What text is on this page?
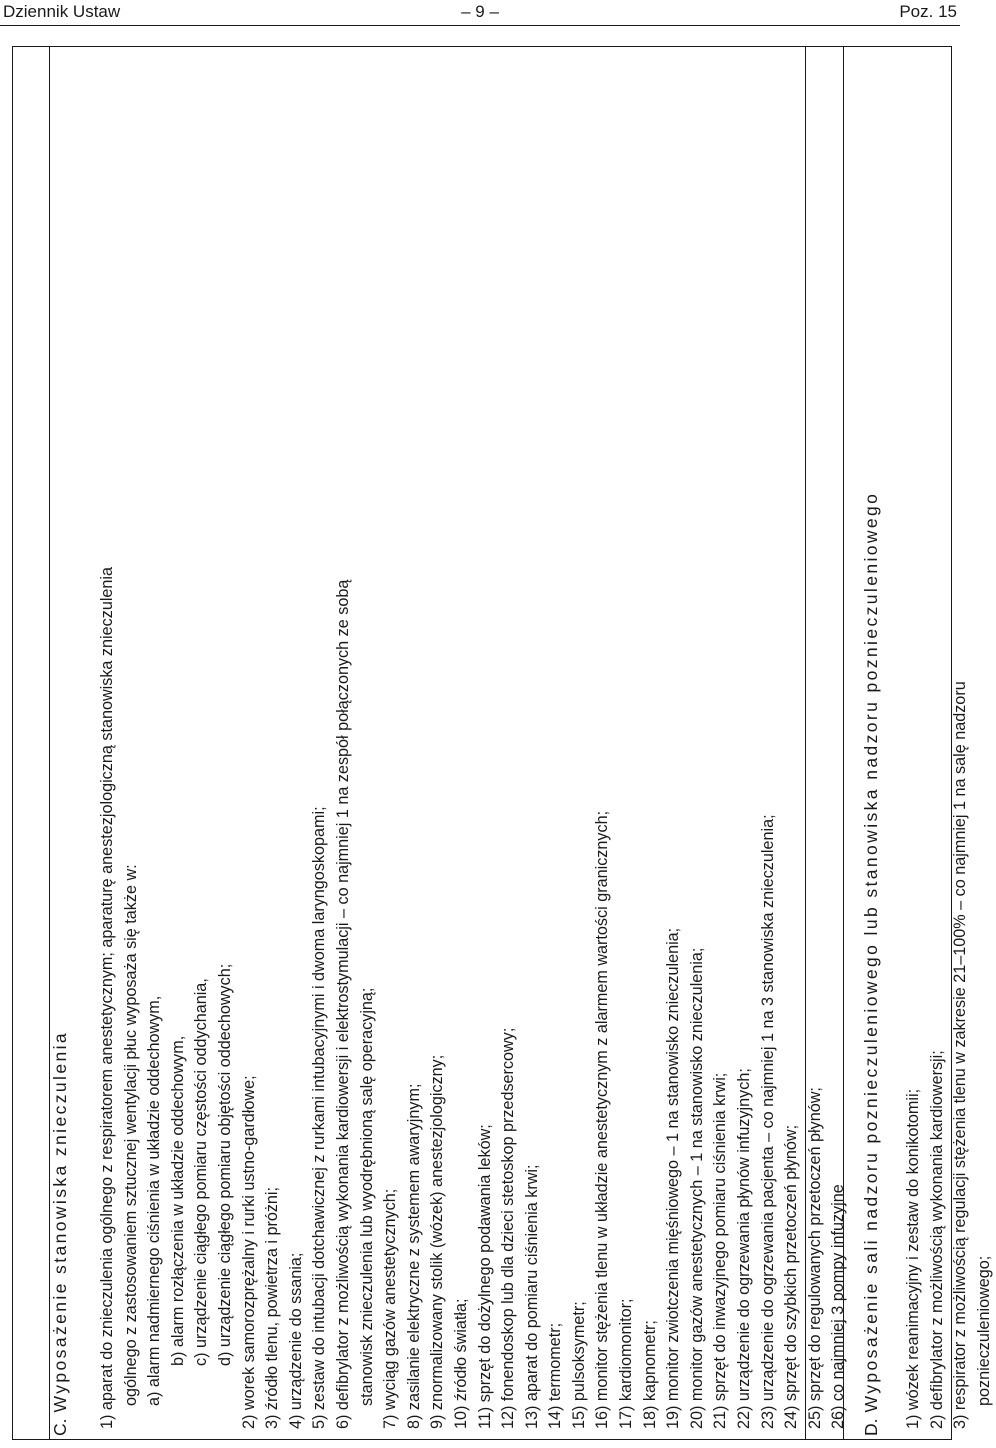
Dziennik Ustaw	– 9 –	Poz. 15
C.Wyposażenie stanowiska znieczulenia 1) aparat do znieczulenia ogólnego z respiratorem anestetycznym; aparaturę anestezjologiczną stanowiska znieczulenia ogólnego z zastosowaniem sztucznej wentylacji płuc wyposaża się także w: a) alarm nadmiernego ciśnienia w układzie oddechowym, b) alarm rozłączenia w układzie oddechowym, c) urządzenie ciągłego pomiaru częstości oddychania, d) urządzenie ciągłego pomiaru objętości oddechowych; 2) worek samorozprężalny i rurki ustno-gardłowe; 3) źródło tlenu, powietrza i próżni; 4) urządzenie do ssania; 5) zestaw do intubacji dotchawicznej z rurkami intubacyjnymi i dwoma laryngoskopami; 6) defibrylator z możliwością wykonania kardiowersji i elektrostymulacji – co najmniej 1 na zespół połączonych ze sobą stanowisk znieczulenia lub wyodrębnioną salę operacyjną; 7) wyciąg gazów anestetycznych; 8) zasilanie elektryczne z systemem awaryjnym; 9) znormalizowany stolik (wózek) anestezjologiczny; 10) źródło światła; 11) sprzęt do dożylnego podawania leków; 12) fonendoskop lub dla dzieci stetoskop przedsercowy; 13) aparat do pomiaru ciśnienia krwi; 14) termometr; 15) pulsoksymetr; 16) monitor stężenia tlenu w układzie anestetycznym z alarmem wartości granicznych; 17) kardiomonitor; 18) kapnometr; 19) monitor zwiotczenia mięśniowego – 1 na stanowisko znieczulenia; 20) monitor gazów anestetycznych – 1 na stanowisko znieczulenia; 21) sprzęt do inwazyjnego pomiaru ciśnienia krwi; 22) urządzenie do ogrzewania płynów infuzyjnych; 23) urządzenie do ogrzewania pacjenta – co najmniej 1 na 3 stanowiska znieczulenia; 24) sprzęt do szybkich przetoczeń płynów; 25) sprzęt do regulowanych przetoczeń płynów; 26) co najmniej 3 pompy infuzyjne D.Wyposażenie sali nadzoru poznieczuleniowego lub stanowiska nadzoru poznieczuleniowego 1) wózek reanimacyjny i zestaw do konikotomii; 2) defibrylator z możliwością wykonania kardiowersji; 3) respirator z możliwością regulacji stężenia tlenu w zakresie 21–100% – co najmniej 1 na salę nadzoru poznieczuleniowego;
